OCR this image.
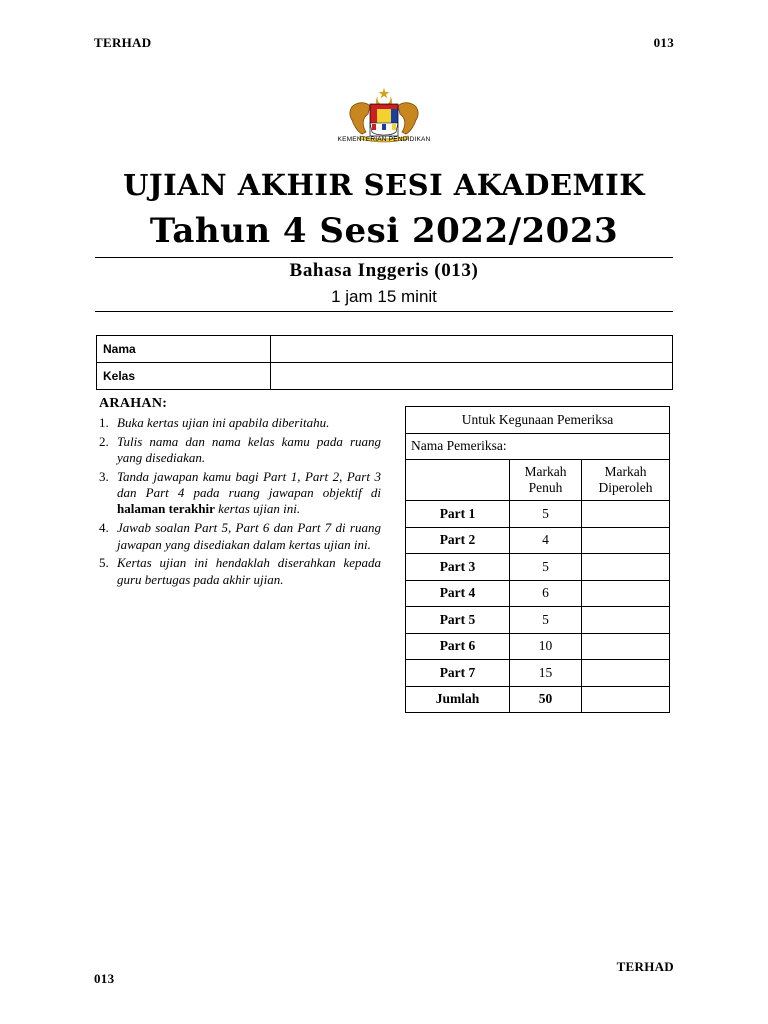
TERHAD	013
KEMENTERIAN PENDIDIKAN
UJIAN AKHIR SESI AKADEMIK
Tahun 4 Sesi 2022/2023
Bahasa Inggeris (013)
1 jam 15 minit
Nama	
Kelas	
ARAHAN:
1. Buka kertas ujian ini apabila diberitahu.
2. Tulis nama dan nama kelas kamu pada ruang yang disediakan.
3. Tanda jawapan kamu bagi Part 1, Part 2, Part 3 dan Part 4 pada ruang jawapan objektif di halaman terakhir kertas ujian ini.
4. Jawab soalan Part 5, Part 6 dan Part 7 di ruang jawapan yang disediakan dalam kertas ujian ini.
5. Kertas ujian ini hendaklah diserahkan kepada guru bertugas pada akhir ujian.
Untuk Kegunaan Pemeriksa		
Nama Pemeriksa:		
	Markah Penuh	Markah Diperoleh
Part 1	5	
Part 2	4	
Part 3	5	
Part 4	6	
Part 5	5	
Part 6	10	
Part 7	15	
Jumlah	50	
TERHAD
013
